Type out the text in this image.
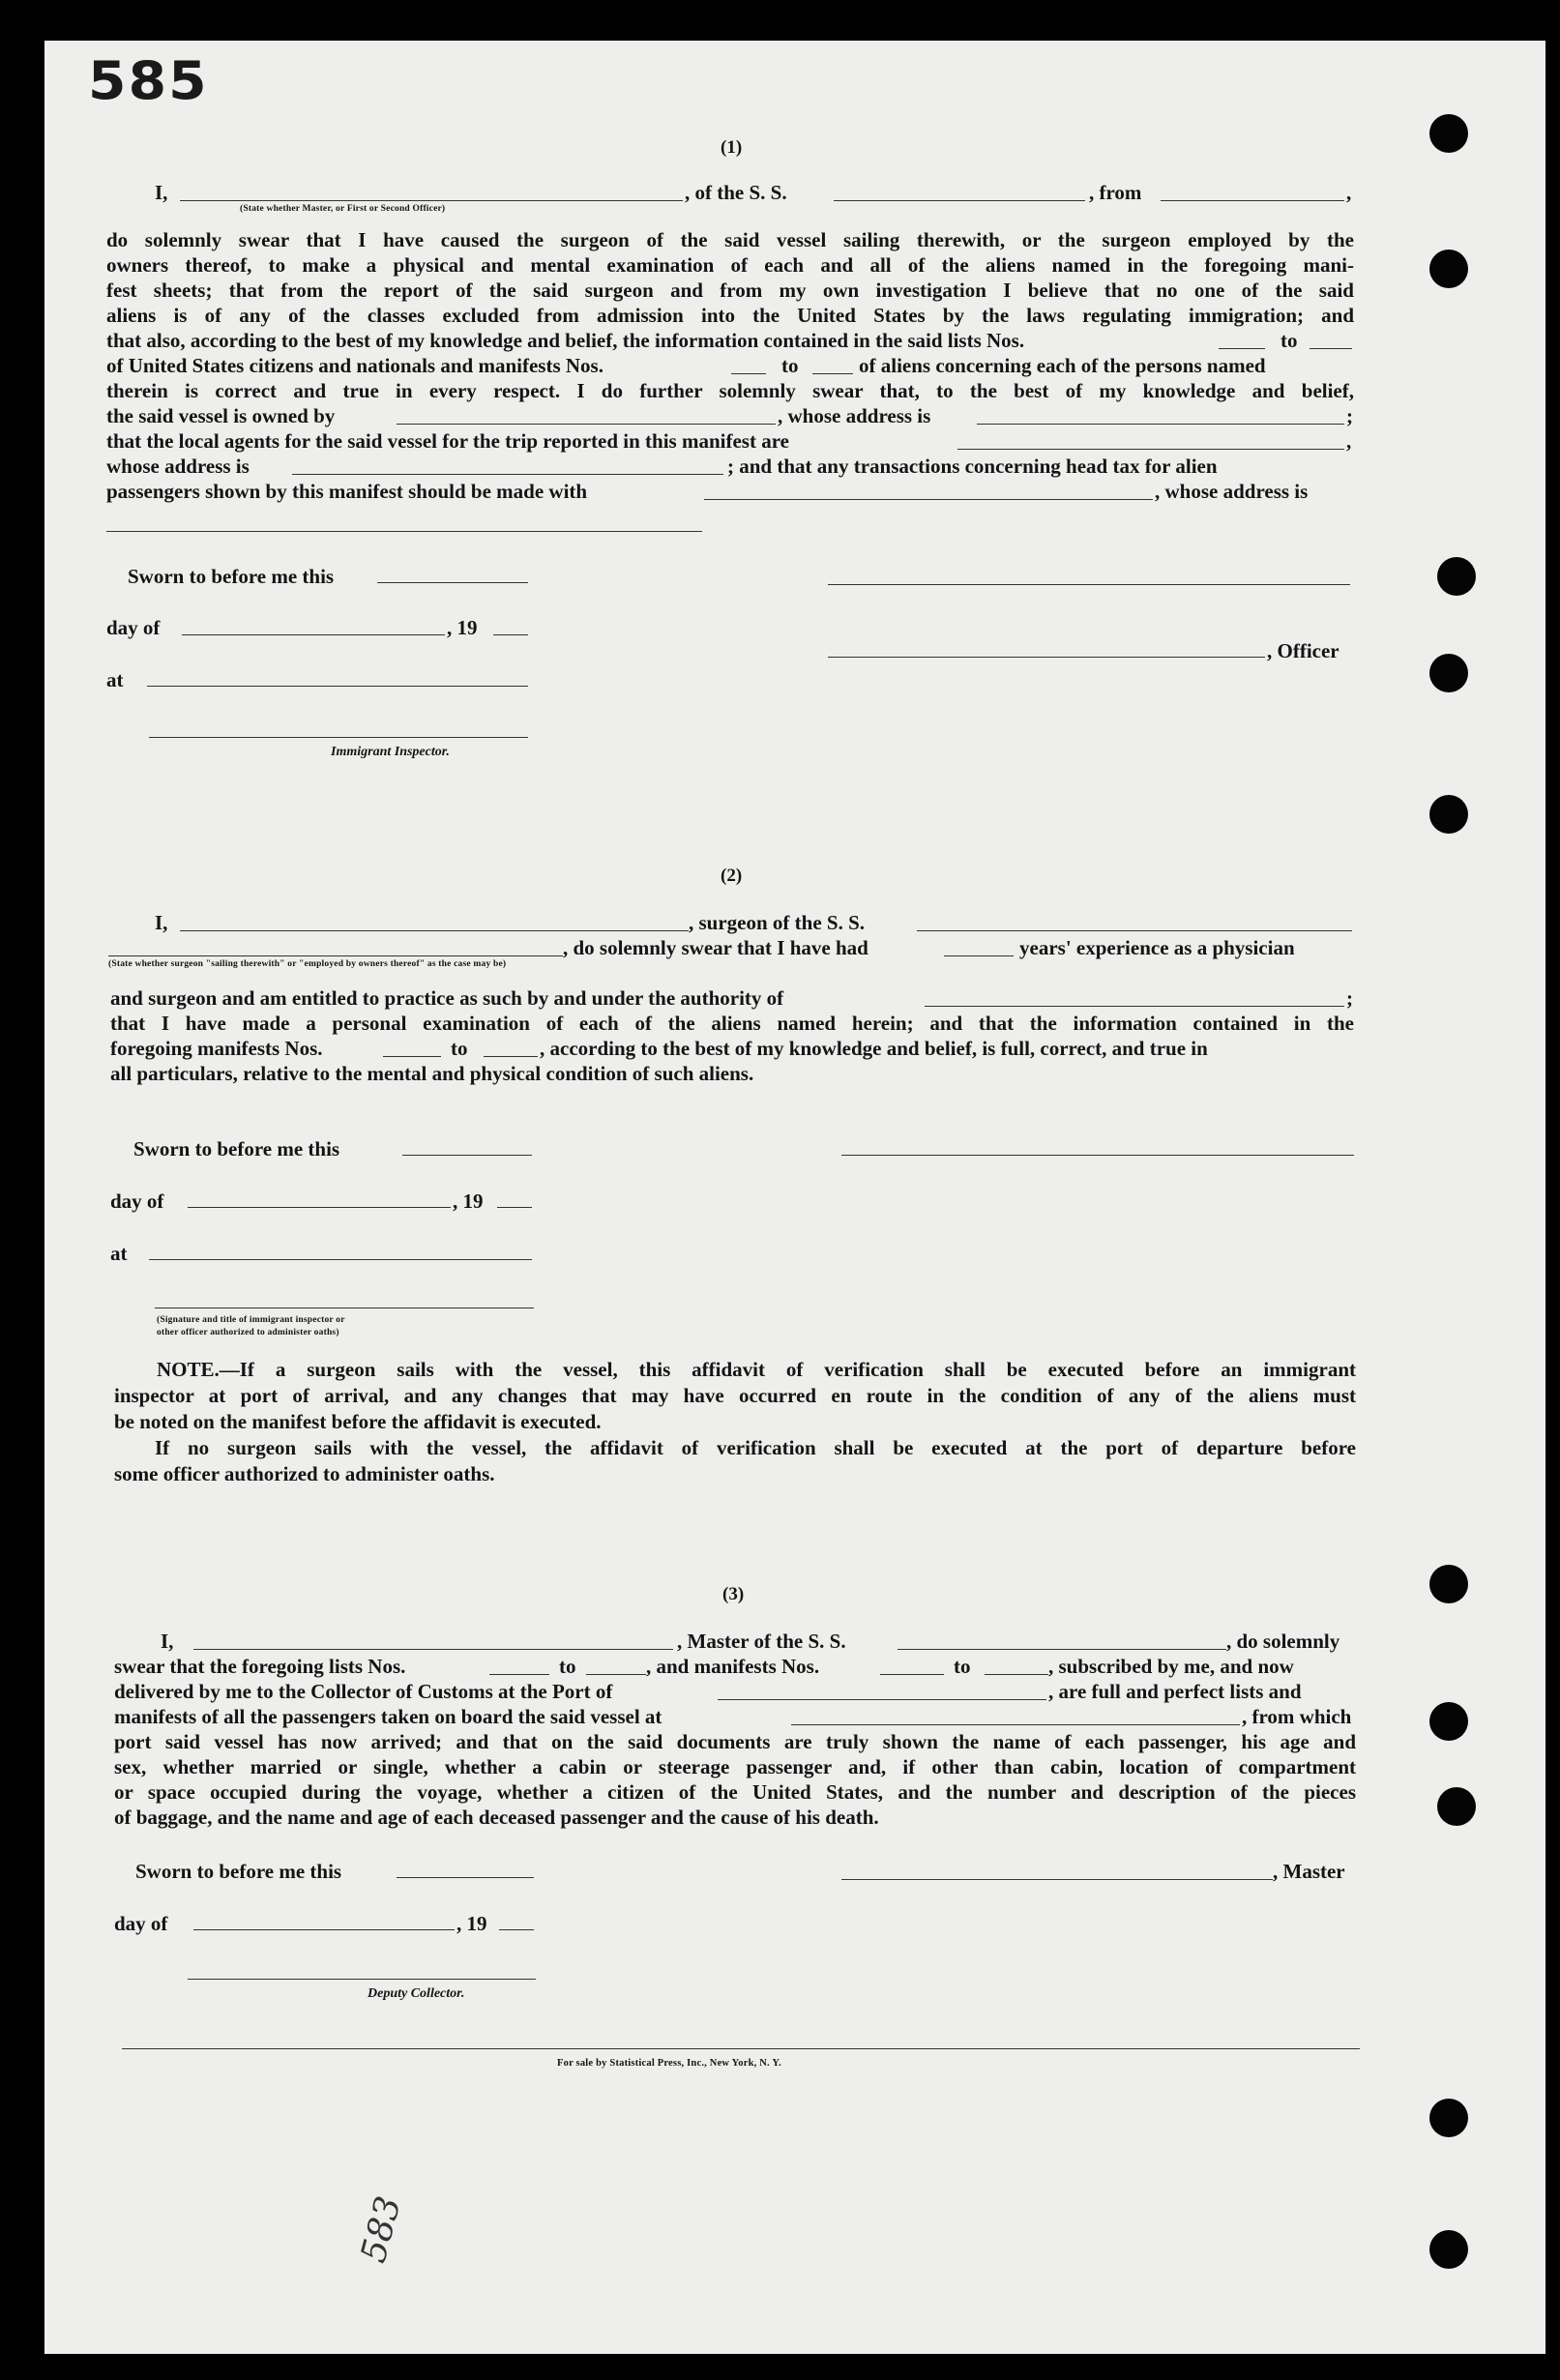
585
583
(1)
I,	, of the S. S.	, from	,
(State whether Master, or First or Second Officer)
do solemnly swear that I have caused the surgeon of the said vessel sailing therewith, or the surgeon employed by the
owners thereof, to make a physical and mental examination of each and all of the aliens named in the foregoing mani-
fest sheets; that from the report of the said surgeon and from my own investigation I believe that no one of the said
aliens is of any of the classes excluded from admission into the United States by the laws regulating immigration; and
that also, according to the best of my knowledge and belief, the information contained in the said lists Nos.	to
of United States citizens and nationals and manifests Nos.	to	of aliens concerning each of the persons named
therein is correct and true in every respect. I do further solemnly swear that, to the best of my knowledge and belief,
the said vessel is owned by	, whose address is	;
that the local agents for the said vessel for the trip reported in this manifest are	,
whose address is	; and that any transactions concerning head tax for alien
passengers shown by this manifest should be made with	, whose address is
Sworn to before me this
day of	, 19
, Officer
at
Immigrant Inspector.
(2)
I,	, surgeon of the S. S.
(State whether surgeon "sailing therewith" or "employed by owners thereof" as the case may be)
, do solemnly swear that I have had	years' experience as a physician
and surgeon and am entitled to practice as such by and under the authority of	;
that I have made a personal examination of each of the aliens named herein; and that the information contained in the
foregoing manifests Nos.	to	, according to the best of my knowledge and belief, is full, correct, and true in
all particulars, relative to the mental and physical condition of such aliens.
Sworn to before me this
day of	, 19
at
(Signature and title of immigrant inspector or
other officer authorized to administer oaths)
NOTE.—If a surgeon sails with the vessel, this affidavit of verification shall be executed before an immigrant
inspector at port of arrival, and any changes that may have occurred en route in the condition of any of the aliens must
be noted on the manifest before the affidavit is executed.
If no surgeon sails with the vessel, the affidavit of verification shall be executed at the port of departure before
some officer authorized to administer oaths.
(3)
I,	, Master of the S. S.	, do solemnly
swear that the foregoing lists Nos.	to	, and manifests Nos.	to	, subscribed by me, and now
delivered by me to the Collector of Customs at the Port of	, are full and perfect lists and
manifests of all the passengers taken on board the said vessel at	, from which
port said vessel has now arrived; and that on the said documents are truly shown the name of each passenger, his age and
sex, whether married or single, whether a cabin or steerage passenger and, if other than cabin, location of compartment
or space occupied during the voyage, whether a citizen of the United States, and the number and description of the pieces
of baggage, and the name and age of each deceased passenger and the cause of his death.
Sworn to before me this	, Master
day of	, 19
Deputy Collector.
For sale by Statistical Press, Inc., New York, N. Y.
